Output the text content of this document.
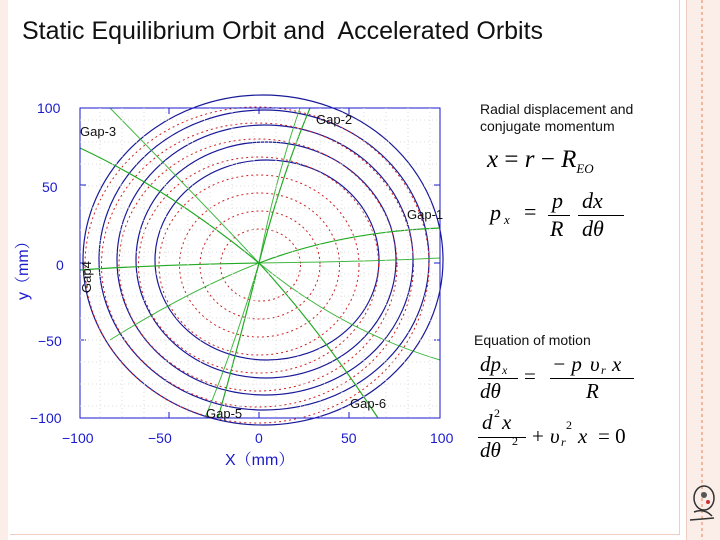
Static Equilibrium Orbit and  Accelerated Orbits
100
50
0
−50
−100
−100	−50	0	50	100
X（mm）
y（mm）
Gap-1
Gap-2
Gap-3
Gap4
Gap-5
Gap-6
Radial displacement and conjugate momentum
Equation of motion
$x = r - R_{EO}$
p x = p
R
dx
dθ
dp x
dθ
= − p υ r x
R
d 2 x
dθ 2 + υ r
2 x = 0
